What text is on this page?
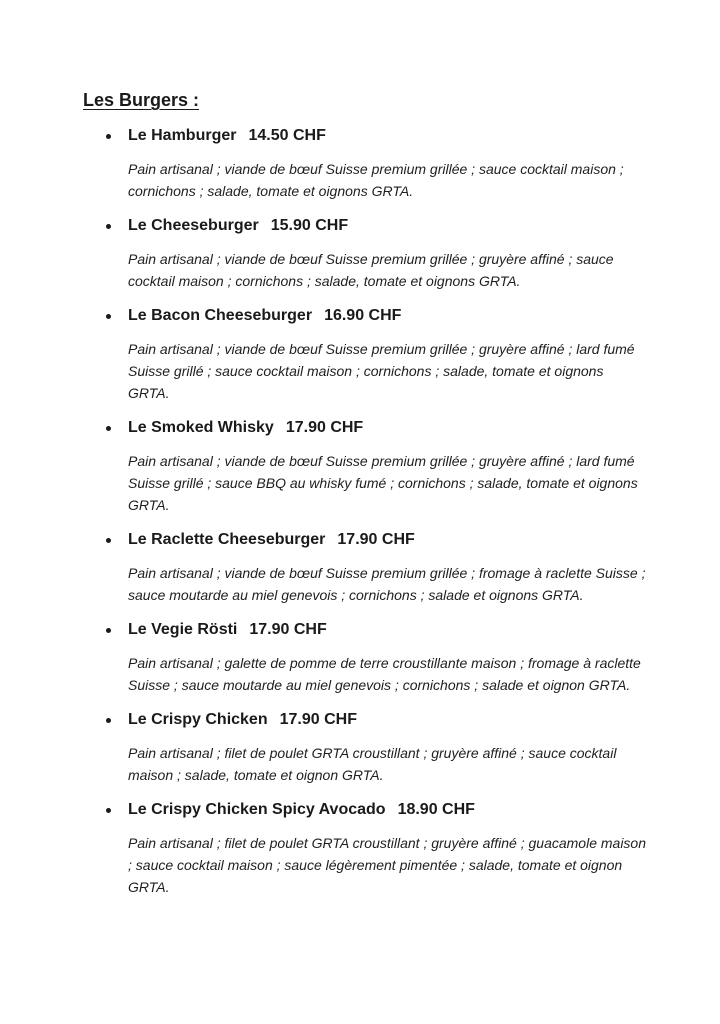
Les Burgers :
Le Hamburger 14.50 CHF
Pain artisanal ; viande de bœuf Suisse premium grillée ; sauce cocktail maison ; cornichons ; salade, tomate et oignons GRTA.
Le Cheeseburger 15.90 CHF
Pain artisanal ; viande de bœuf Suisse premium grillée ; gruyère affiné ; sauce cocktail maison ; cornichons ; salade, tomate et oignons GRTA.
Le Bacon Cheeseburger 16.90 CHF
Pain artisanal ; viande de bœuf Suisse premium grillée ; gruyère affiné ; lard fumé Suisse grillé ; sauce cocktail maison ; cornichons ; salade, tomate et oignons GRTA.
Le Smoked Whisky 17.90 CHF
Pain artisanal ; viande de bœuf Suisse premium grillée ; gruyère affiné ; lard fumé Suisse grillé ; sauce BBQ au whisky fumé ; cornichons ; salade, tomate et oignons GRTA.
Le Raclette Cheeseburger 17.90 CHF
Pain artisanal ; viande de bœuf Suisse premium grillée ; fromage à raclette Suisse ; sauce moutarde au miel genevois ; cornichons ; salade et oignons GRTA.
Le Vegie Rösti 17.90 CHF
Pain artisanal ; galette de pomme de terre croustillante maison ; fromage à raclette Suisse ; sauce moutarde au miel genevois ; cornichons ; salade et oignon GRTA.
Le Crispy Chicken 17.90 CHF
Pain artisanal ; filet de poulet GRTA croustillant ; gruyère affiné ; sauce cocktail maison ; salade, tomate et oignon GRTA.
Le Crispy Chicken Spicy Avocado 18.90 CHF
Pain artisanal ; filet de poulet GRTA croustillant ; gruyère affiné ; guacamole maison ; sauce cocktail maison ; sauce légèrement pimentée ; salade, tomate et oignon GRTA.
